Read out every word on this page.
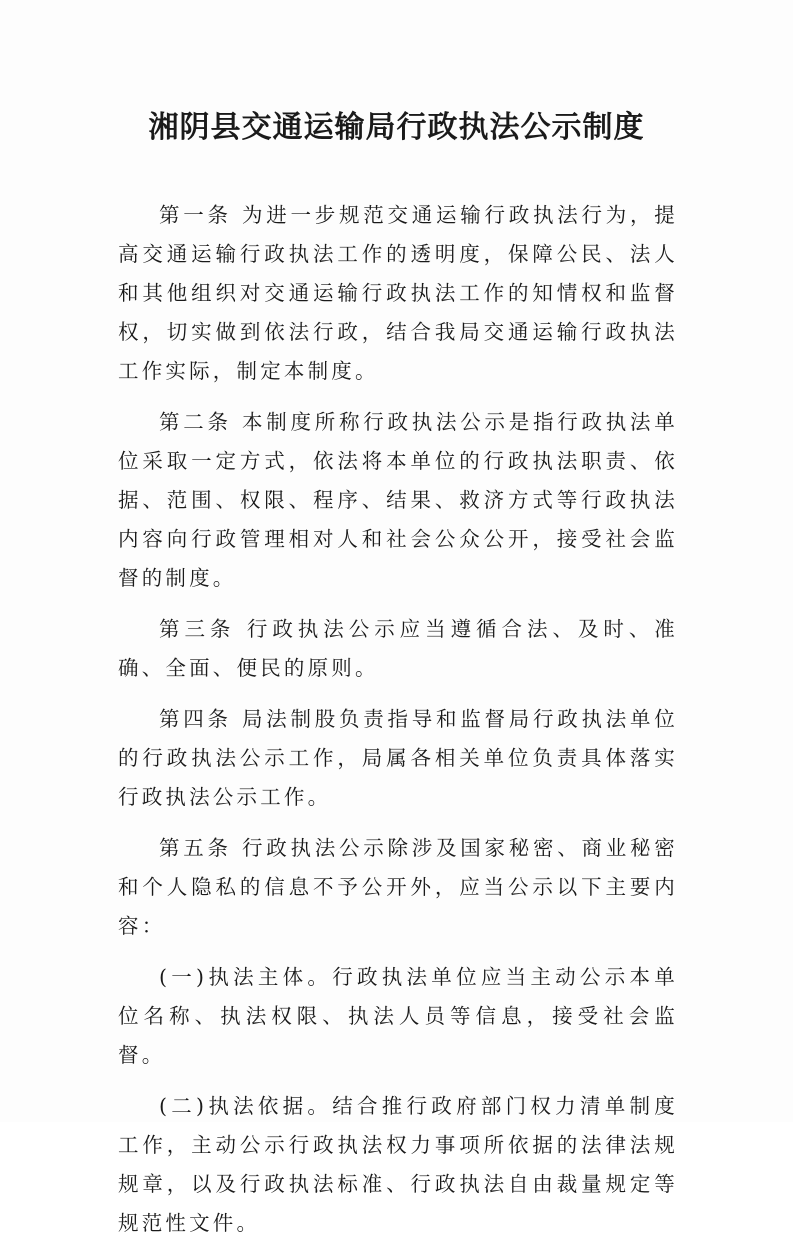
湘阴县交通运输局行政执法公示制度

第一条 为进一步规范交通运输行政执法行为，提高交通运输行政执法工作的透明度，保障公民、法人和其他组织对交通运输行政执法工作的知情权和监督权，切实做到依法行政，结合我局交通运输行政执法工作实际，制定本制度。

第二条 本制度所称行政执法公示是指行政执法单位采取一定方式，依法将本单位的行政执法职责、依据、范围、权限、程序、结果、救济方式等行政执法内容向行政管理相对人和社会公众公开，接受社会监督的制度。

第三条 行政执法公示应当遵循合法、及时、准确、全面、便民的原则。

第四条 局法制股负责指导和监督局行政执法单位的行政执法公示工作，局属各相关单位负责具体落实行政执法公示工作。

第五条 行政执法公示除涉及国家秘密、商业秘密和个人隐私的信息不予公开外，应当公示以下主要内容：

(一)执法主体。行政执法单位应当主动公示本单位名称、执法权限、执法人员等信息，接受社会监督。

(二)执法依据。结合推行政府部门权力清单制度工作，主动公示行政执法权力事项所依据的法律法规规章，以及行政执法标准、行政执法自由裁量规定等规范性文件。
